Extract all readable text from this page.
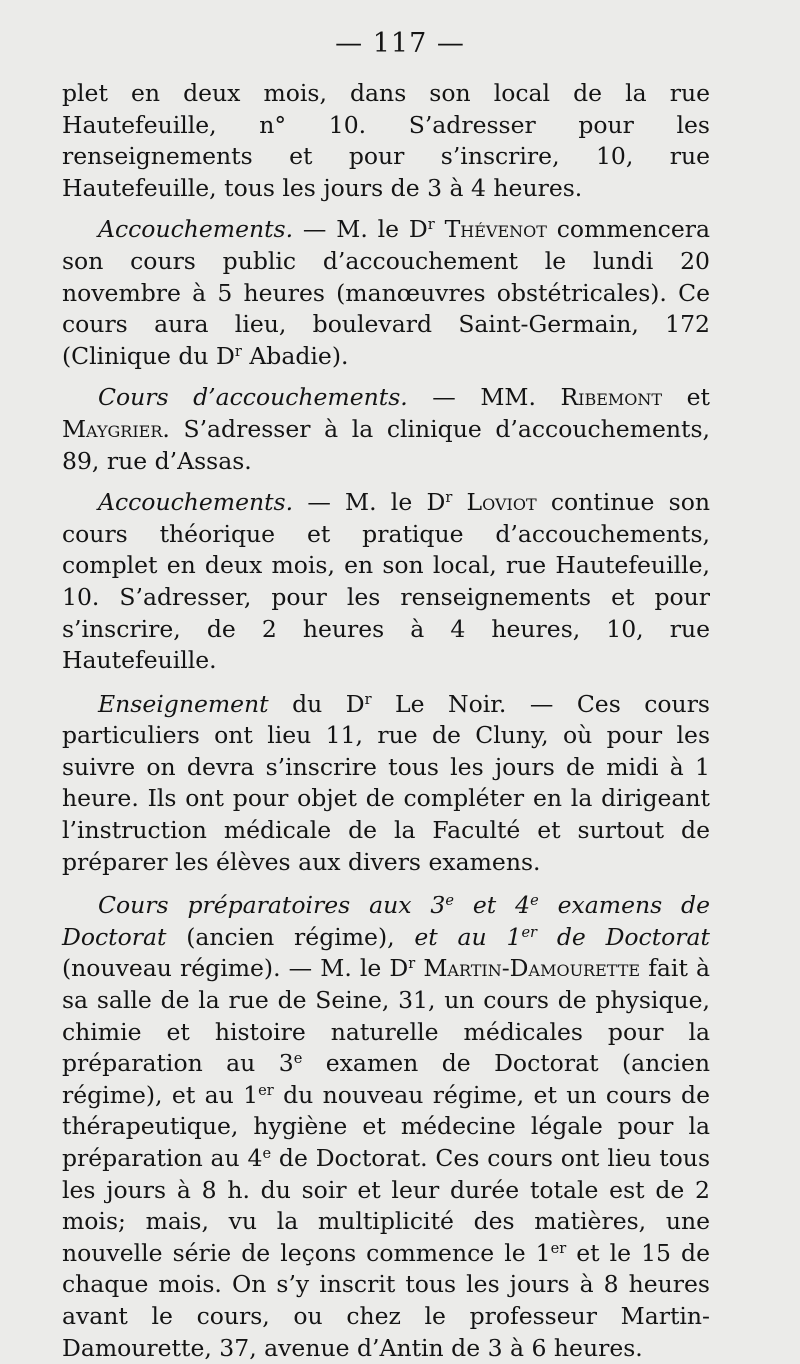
— 117 —

plet en deux mois, dans son local de la rue Hautefeuille, n° 10. S’adresser pour les renseignements et pour s’inscrire, 10, rue Hautefeuille, tous les jours de 3 à 4 heures.

Accouchements. — M. le $D^r$ Thévenot commencera son cours public d’accouchement le lundi 20 novembre à 5 heures (manœuvres obstétricales). Ce cours aura lieu, boulevard Saint-Germain, 172 (Clinique du $D^r$ Abadie).

Cours d’accouchements. — MM. Ribemont et Maygrier. S’adresser à la clinique d’accouchements, 89, rue d’Assas.

Accouchements. — M. le $D^r$ Loviot continue son cours théorique et pratique d’accouchements, complet en deux mois, en son local, rue Hautefeuille, 10. S’adresser, pour les renseignements et pour s’inscrire, de 2 heures à 4 heures, 10, rue Hautefeuille.

Enseignement du $D^r$ Le Noir. — Ces cours particuliers ont lieu 11, rue de Cluny, où pour les suivre on devra s’inscrire tous les jours de midi à 1 heure. Ils ont pour objet de compléter en la dirigeant l’instruction médicale de la Faculté et surtout de préparer les élèves aux divers examens.

Cours préparatoires aux 3e et 4e examens de Doctorat (ancien régime), et au 1er de Doctorat (nouveau régime). — M. le $D^r$ Martin-Damourette fait à sa salle de la rue de Seine, 31, un cours de physique, chimie et histoire naturelle médicales pour la préparation au 3e examen de Doctorat (ancien régime), et au 1er du nouveau régime, et un cours de thérapeutique, hygiène et médecine légale pour la préparation au 4e de Doctorat. Ces cours ont lieu tous les jours à 8 h. du soir et leur durée totale est de 2 mois; mais, vu la multiplicité des matières, une nouvelle série de leçons commence le 1er et le 15 de chaque mois. On s’y inscrit tous les jours à 8 heures avant le cours, ou chez le professeur Martin-Damourette, 37, avenue d’Antin de 3 à 6 heures.
